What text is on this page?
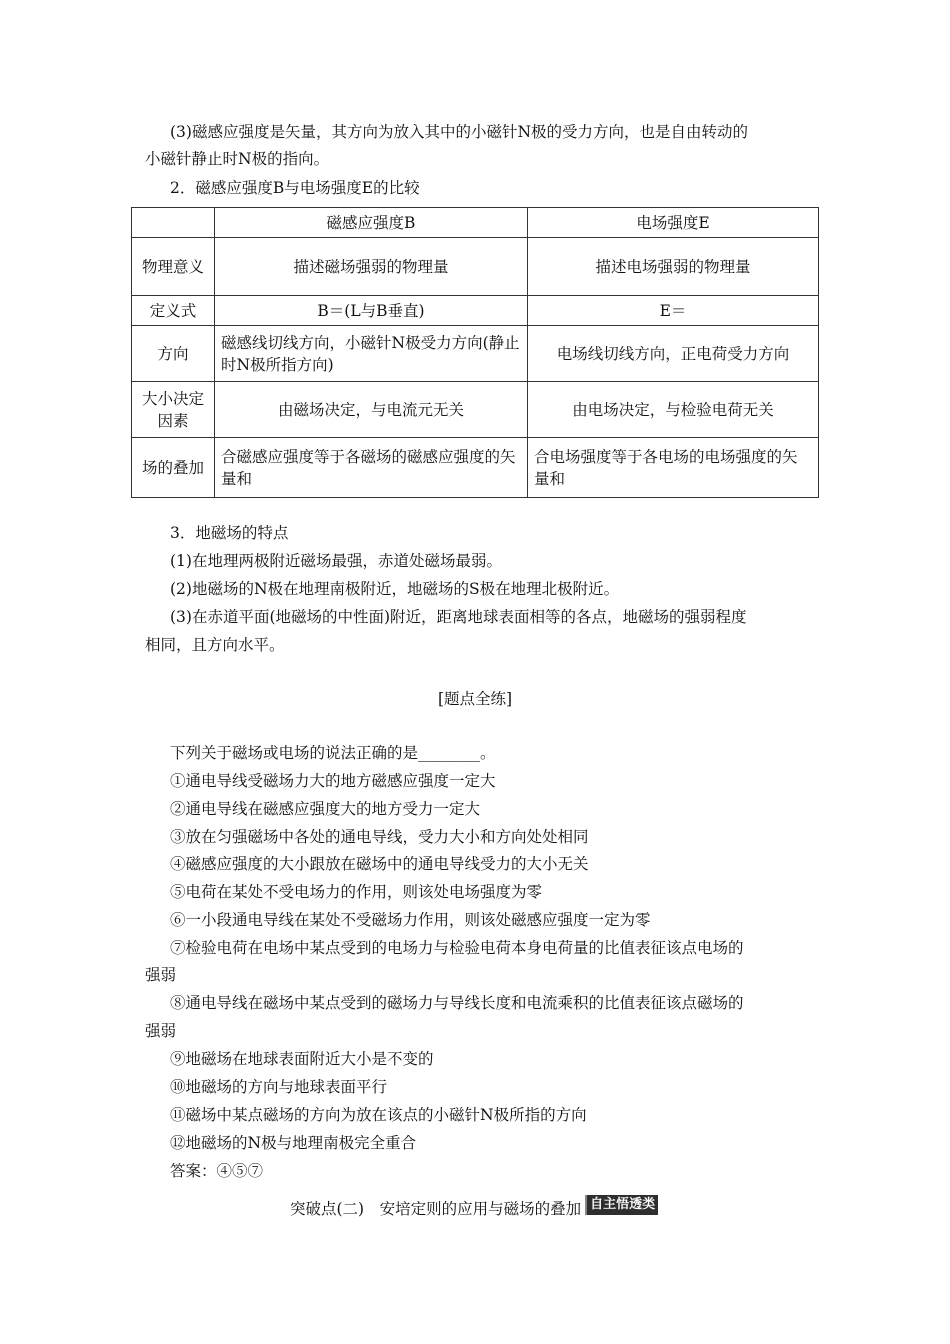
(3)磁感应强度是矢量，其方向为放入其中的小磁针N极的受力方向，也是自由转动的
小磁针静止时N极的指向。
2．磁感应强度B与电场强度E的比较
	磁感应强度B	电场强度E
物理意义	描述磁场强弱的物理量	描述电场强弱的物理量
定义式	B＝(L与B垂直)	E＝
方向	磁感线切线方向，小磁针N极受力方向(静止时N极所指方向)	电场线切线方向，正电荷受力方向
大小决定因素	由磁场决定，与电流元无关	由电场决定，与检验电荷无关
场的叠加	合磁感应强度等于各磁场的磁感应强度的矢量和	合电场强度等于各电场的电场强度的矢量和
3．地磁场的特点
(1)在地理两极附近磁场最强，赤道处磁场最弱。
(2)地磁场的N极在地理南极附近，地磁场的S极在地理北极附近。
(3)在赤道平面(地磁场的中性面)附近，距离地球表面相等的各点，地磁场的强弱程度
相同，且方向水平。
[题点全练]
下列关于磁场或电场的说法正确的是________。
①通电导线受磁场力大的地方磁感应强度一定大
②通电导线在磁感应强度大的地方受力一定大
③放在匀强磁场中各处的通电导线，受力大小和方向处处相同
④磁感应强度的大小跟放在磁场中的通电导线受力的大小无关
⑤电荷在某处不受电场力的作用，则该处电场强度为零
⑥一小段通电导线在某处不受磁场力作用，则该处磁感应强度一定为零
⑦检验电荷在电场中某点受到的电场力与检验电荷本身电荷量的比值表征该点电场的
强弱
⑧通电导线在磁场中某点受到的磁场力与导线长度和电流乘积的比值表征该点磁场的
强弱
⑨地磁场在地球表面附近大小是不变的
⑩地磁场的方向与地球表面平行
⑪磁场中某点磁场的方向为放在该点的小磁针N极所指的方向
⑫地磁场的N极与地理南极完全重合
答案：④⑤⑦
突破点(二)　安培定则的应用与磁场的叠加 自主悟透类
